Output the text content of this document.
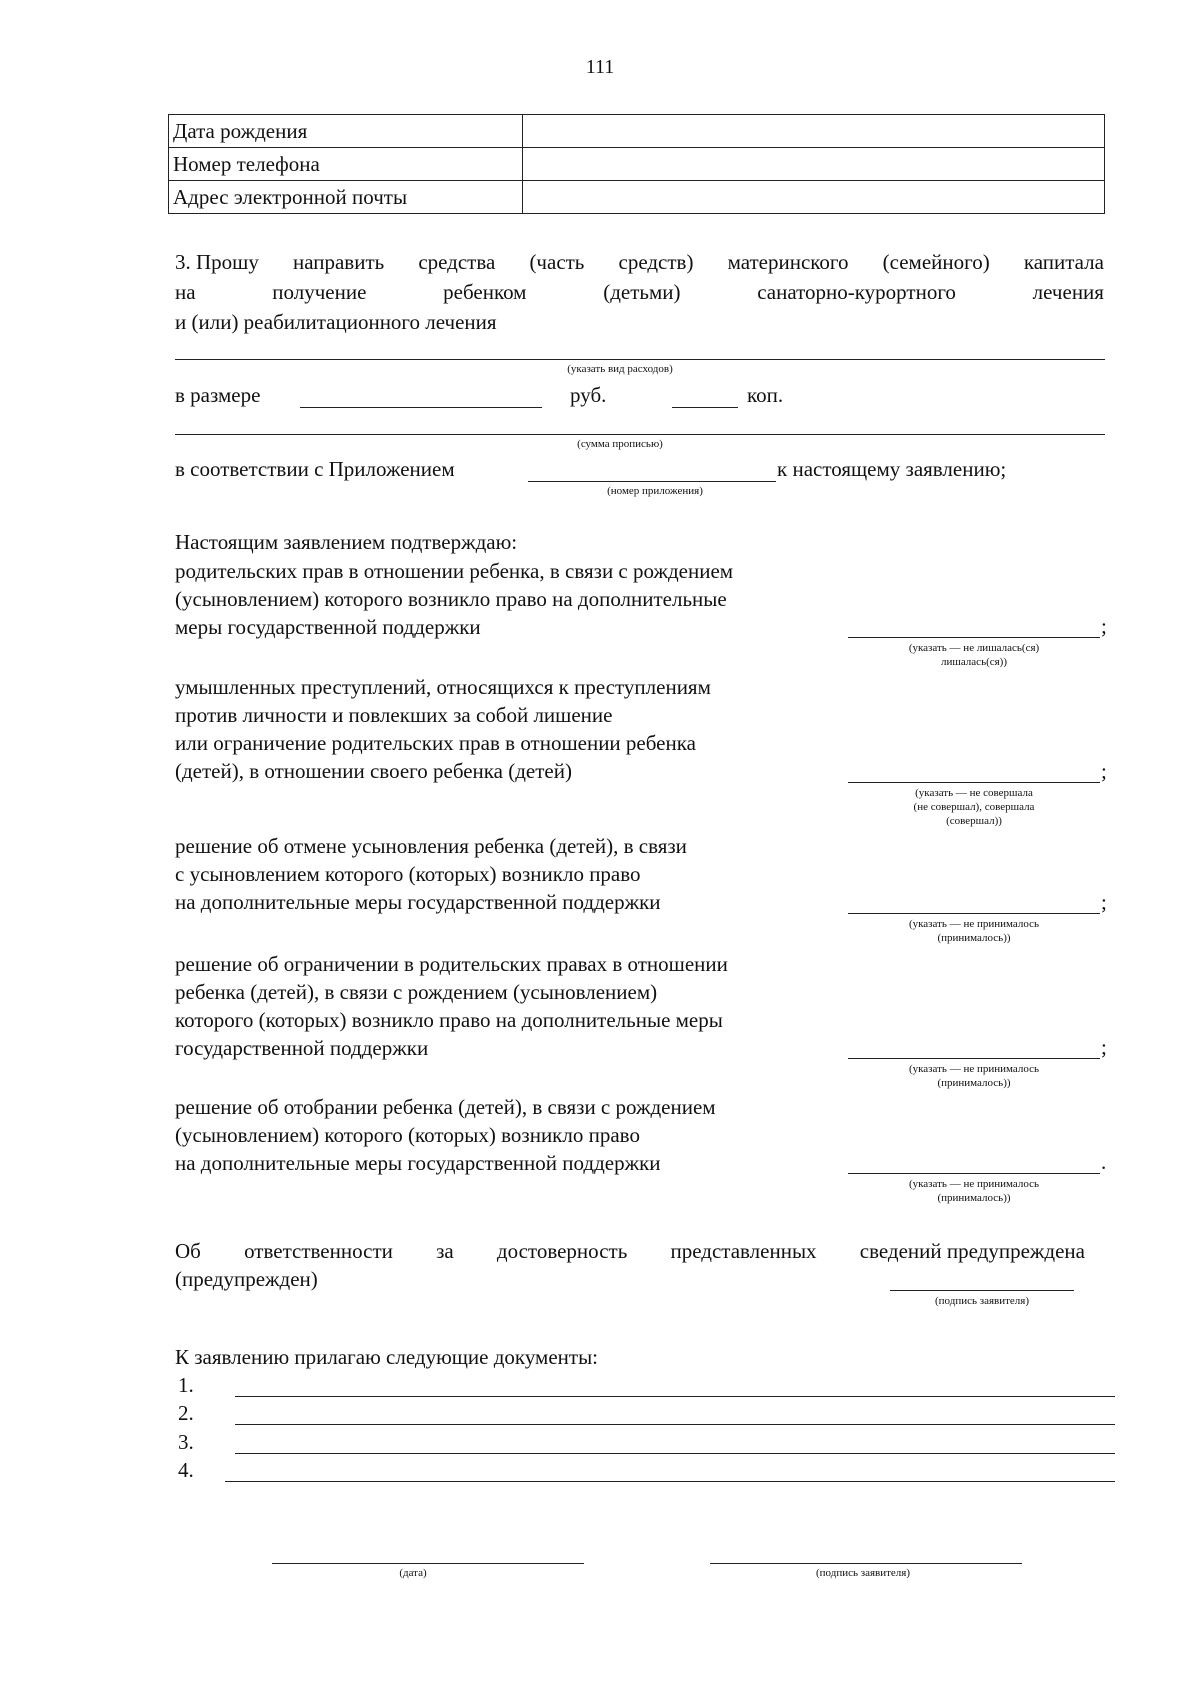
111
Дата рождения	
Номер телефона	
Адрес электронной почты	
3. Прошу направить средства (часть средств) материнского (семейного) капитала
на	получение	ребенком	(детьми)	санаторно-курортного	лечения
и (или) реабилитационного лечения
(указать вид расходов)
в размере	руб.	коп.
(сумма прописью)
в соответствии с Приложением	к настоящему заявлению;
(номер приложения)
Настоящим заявлением подтверждаю:
родительских прав в отношении ребенка, в связи с рождением
(усыновлением) которого возникло право на дополнительные
меры государственной поддержки	;
(указать — не лишалась(ся)
лишалась(ся))
умышленных преступлений, относящихся к преступлениям
против личности и повлекших за собой лишение
или ограничение родительских прав в отношении ребенка
(детей), в отношении своего ребенка (детей)	;
(указать — не совершала
(не совершал), совершала
(совершал))
решение об отмене усыновления ребенка (детей), в связи
с усыновлением которого (которых) возникло право
на дополнительные меры государственной поддержки	;
(указать — не принималось
(принималось))
решение об ограничении в родительских правах в отношении
ребенка (детей), в связи с рождением (усыновлением)
которого (которых) возникло право на дополнительные меры
государственной поддержки	;
(указать — не принималось
(принималось))
решение об отобрании ребенка (детей), в связи с рождением
(усыновлением) которого (которых) возникло право
на дополнительные меры государственной поддержки	.
(указать — не принималось
(принималось))
Об ответственности за достоверность представленных сведений предупреждена
(предупрежден)
(подпись заявителя)
К заявлению прилагаю следующие документы:
1.
2.
3.
4.
(дата)	(подпись заявителя)
